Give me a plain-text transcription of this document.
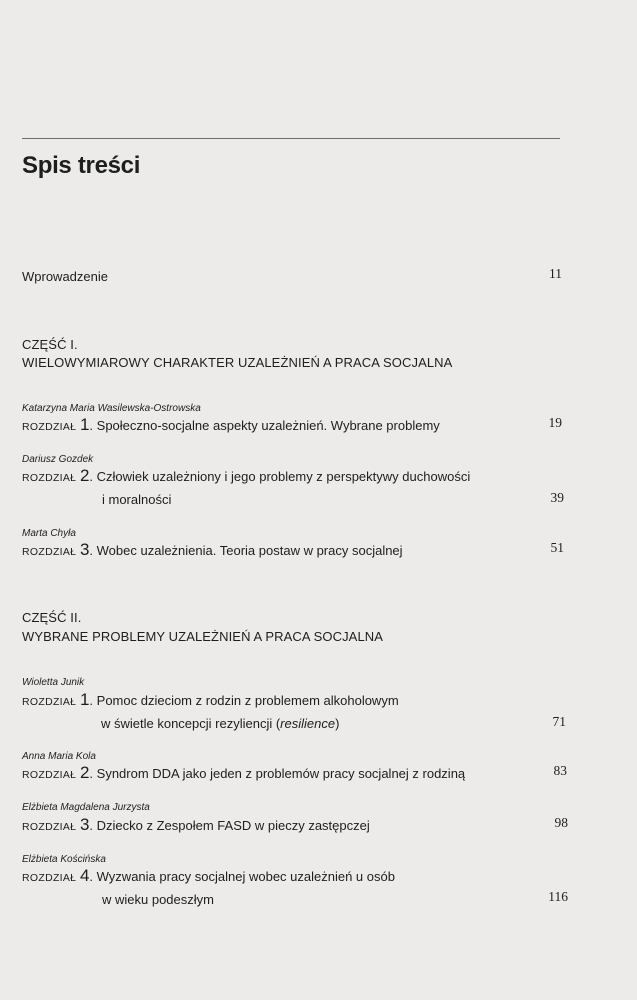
Spis treści
Wprowadzenie	11
CZĘŚĆ I.
WIELOWYMIAROWY CHARAKTER UZALEŻNIEŃ A PRACA SOCJALNA
Katarzyna Maria Wasilewska-Ostrowska
ROZDZIAŁ 1. Społeczno-socjalne aspekty uzależnień. Wybrane problemy	19
Dariusz Gozdek
ROZDZIAŁ 2. Człowiek uzależniony i jego problemy z perspektywy duchowości
i moralności	39
Marta Chyła
ROZDZIAŁ 3. Wobec uzależnienia. Teoria postaw w pracy socjalnej	51
CZĘŚĆ II.
WYBRANE PROBLEMY UZALEŻNIEŃ A PRACA SOCJALNA
Wioletta Junik
ROZDZIAŁ 1. Pomoc dzieciom z rodzin z problemem alkoholowym
w świetle koncepcji rezyliencji (resilience)	71
Anna Maria Kola
ROZDZIAŁ 2. Syndrom DDA jako jeden z problemów pracy socjalnej z rodziną	83
Elżbieta Magdalena Jurzysta
ROZDZIAŁ 3. Dziecko z Zespołem FASD w pieczy zastępczej	98
Elżbieta Kościńska
ROZDZIAŁ 4. Wyzwania pracy socjalnej wobec uzależnień u osób
w wieku podeszłym	116
